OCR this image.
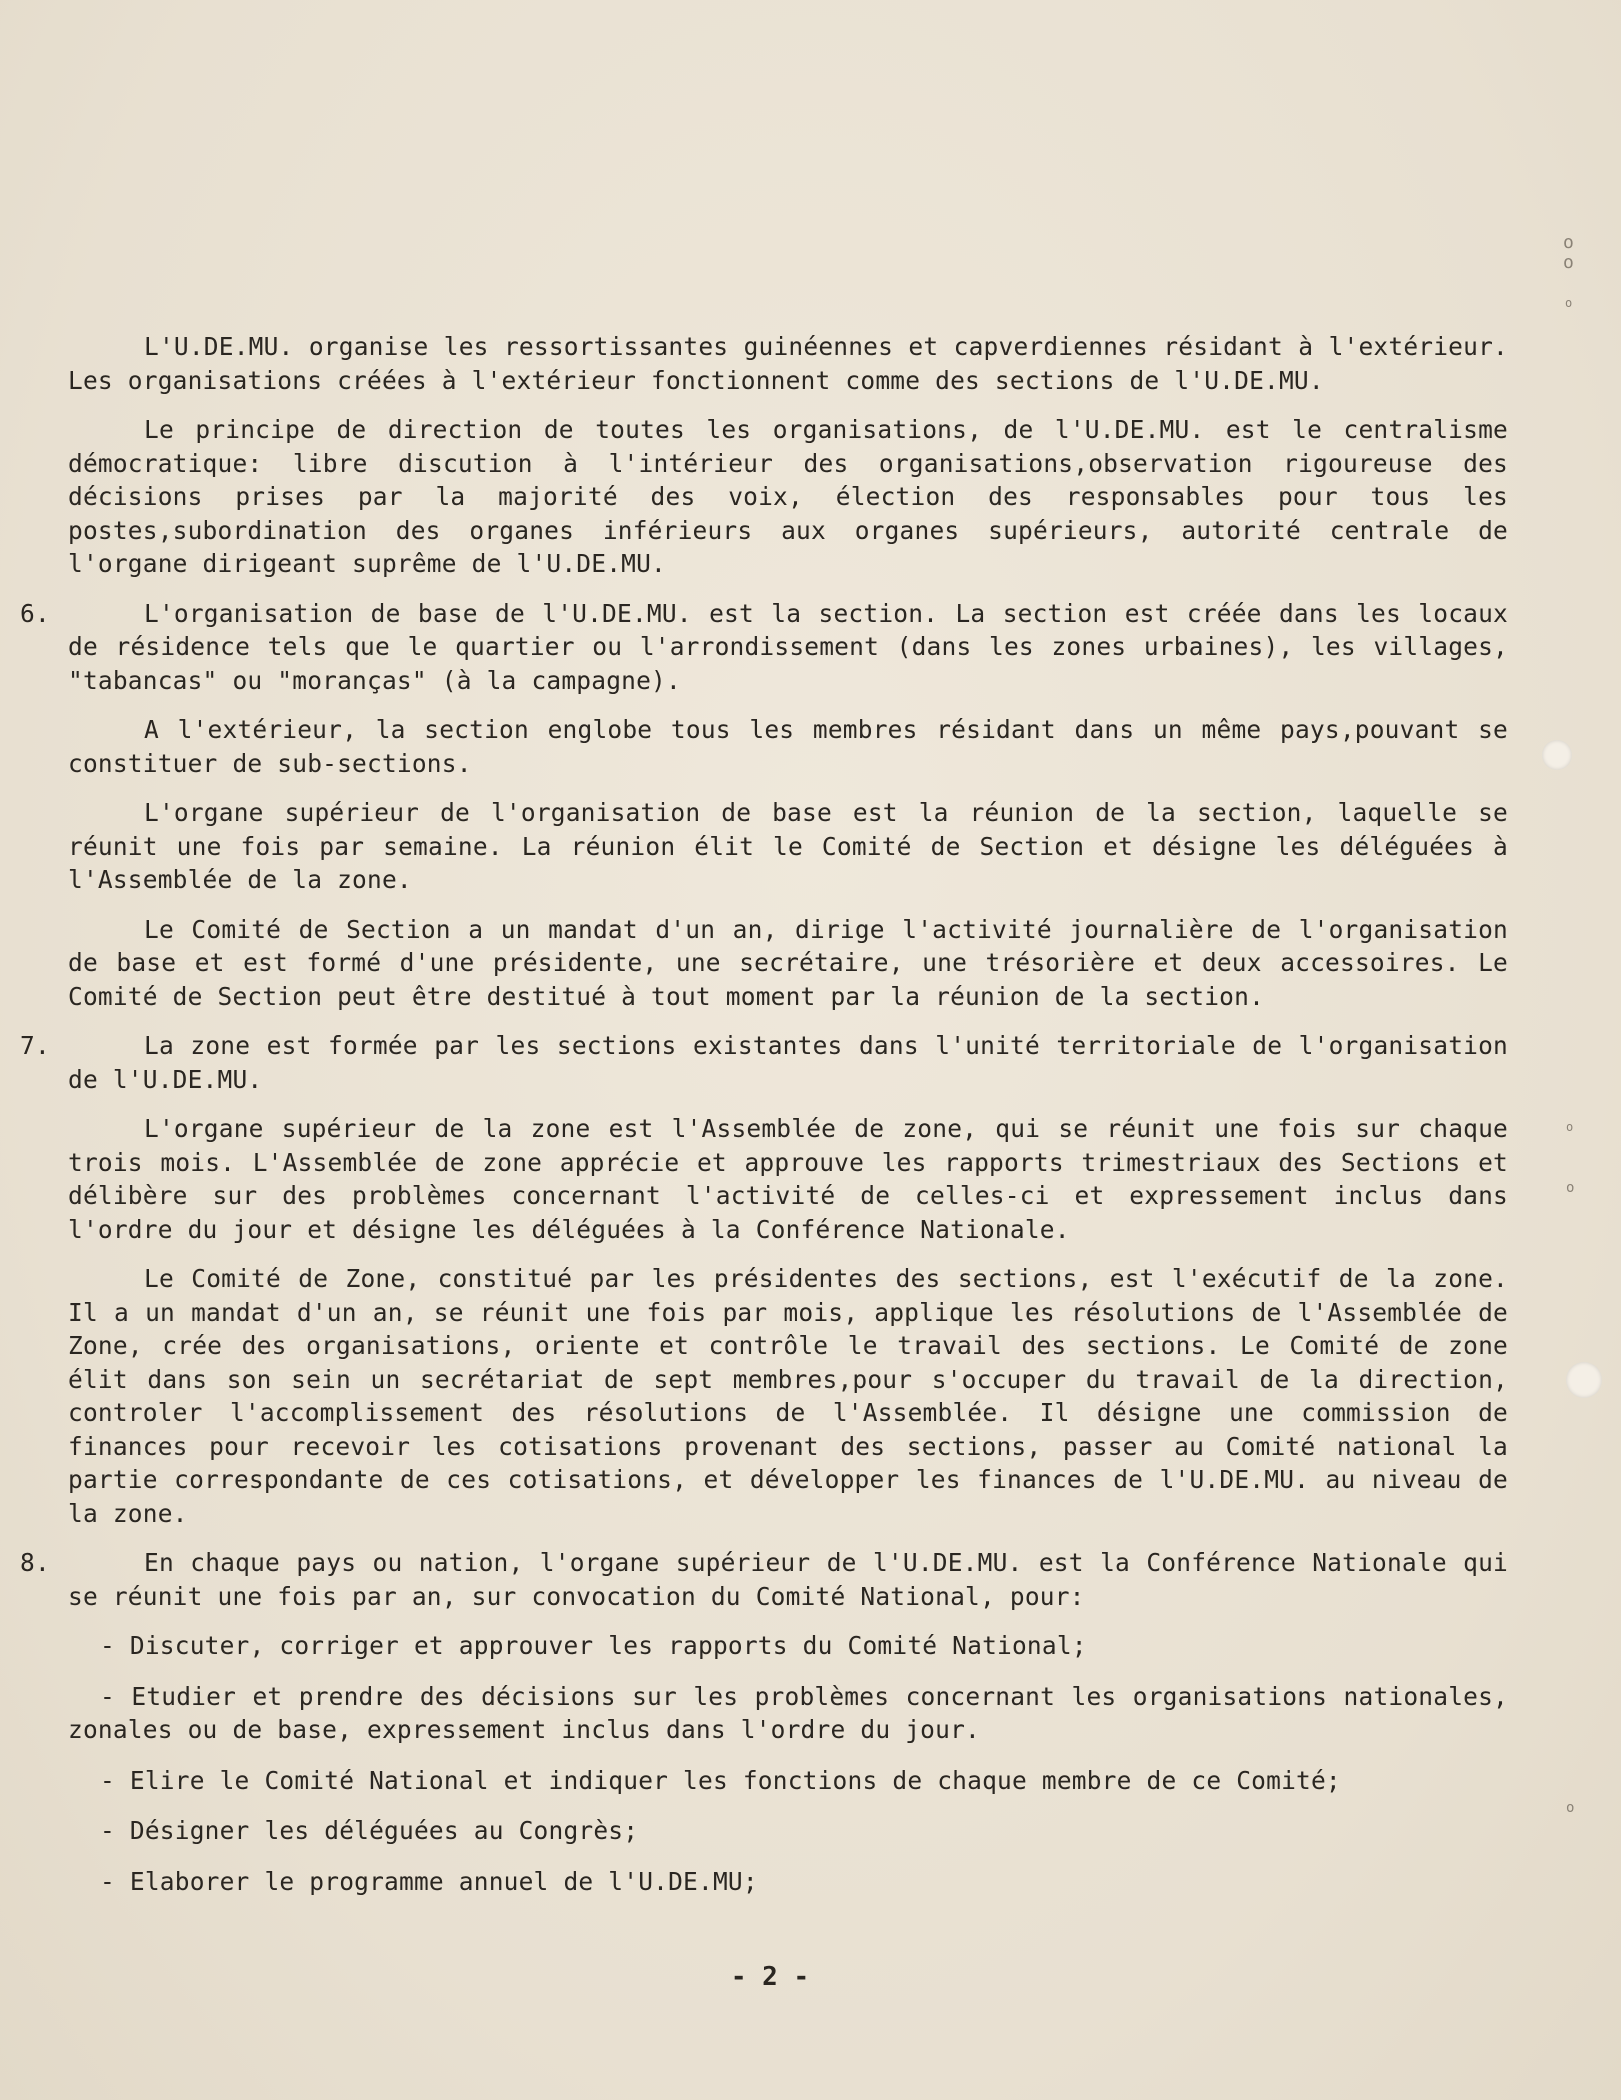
L'U.DE.MU. organise les ressortissantes guinéennes et capverdiennes résidant à l'extérieur. Les organisations créées à l'extérieur fonctionnent comme des sections de l'U.DE.MU.

Le principe de direction de toutes les organisations, de l'U.DE.MU. est le centralisme démocratique: libre discution à l'intérieur des organisations,observation rigoureuse des décisions prises par la majorité des voix, élection des responsables pour tous les postes,subordination des organes inférieurs aux organes supérieurs, autorité centrale de l'organe dirigeant suprême de l'U.DE.MU.

6.	L'organisation de base de l'U.DE.MU. est la section. La section est créée dans les locaux de résidence tels que le quartier ou l'arrondissement (dans les zones urbaines), les villages, "tabancas" ou "moranças" (à la campagne).

A l'extérieur, la section englobe tous les membres résidant dans un même pays,pouvant se constituer de sub-sections.

L'organe supérieur de l'organisation de base est la réunion de la section, laquelle se réunit une fois par semaine. La réunion élit le Comité de Section et désigne les déléguées à l'Assemblée de la zone.

Le Comité de Section a un mandat d'un an, dirige l'activité journalière de l'organisation de base et est formé d'une présidente, une secrétaire, une trésorière et deux accessoires. Le Comité de Section peut être destitué à tout moment par la réunion de la section.

7.	La zone est formée par les sections existantes dans l'unité territoriale de l'organisation de l'U.DE.MU.

L'organe supérieur de la zone est l'Assemblée de zone, qui se réunit une fois sur chaque trois mois. L'Assemblée de zone apprécie et approuve les rapports trimestriaux des Sections et délibère sur des problèmes concernant l'activité de celles-ci et expressement inclus dans l'ordre du jour et désigne les déléguées à la Conférence Nationale.

Le Comité de Zone, constitué par les présidentes des sections, est l'exécutif de la zone. Il a un mandat d'un an, se réunit une fois par mois, applique les résolutions de l'Assemblée de Zone, crée des organisations, oriente et contrôle le travail des sections. Le Comité de zone élit dans son sein un secrétariat de sept membres,pour s'occuper du travail de la direction, controler l'accomplissement des résolutions de l'Assemblée. Il désigne une commission de finances pour recevoir les cotisations provenant des sections, passer au Comité national la partie correspondante de ces cotisations, et développer les finances de l'U.DE.MU. au niveau de la zone.

8.	En chaque pays ou nation, l'organe supérieur de l'U.DE.MU. est la Conférence Nationale qui se réunit une fois par an, sur convocation du Comité National, pour:

- Discuter, corriger et approuver les rapports du Comité National;

- Etudier et prendre des décisions sur les problèmes concernant les organisations nationales, zonales ou de base, expressement inclus dans l'ordre du jour.

- Elire le Comité National et indiquer les fonctions de chaque membre de ce Comité;

- Désigner les déléguées au Congrès;

- Elaborer le programme annuel de l'U.DE.MU;

- 2 -
o
o
o
o
o
o
